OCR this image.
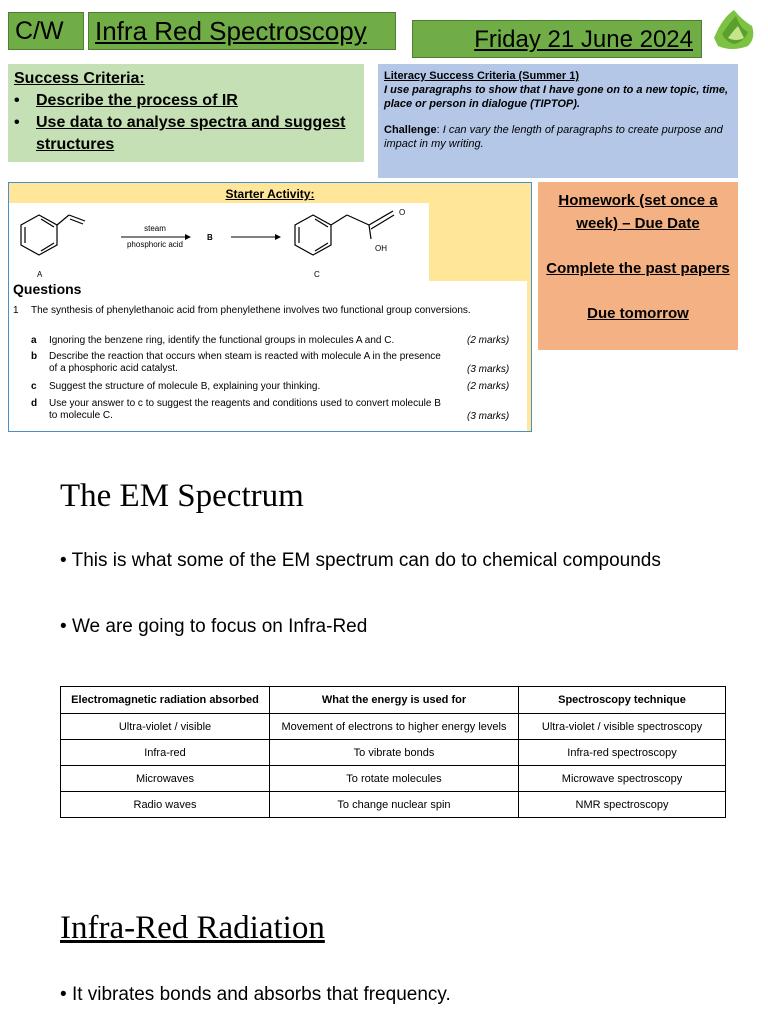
C/W	Infra Red Spectroscopy	Friday 21 June 2024
Success Criteria:
• Describe the process of IR
• Use data to analyse spectra and suggest structures
Literacy Success Criteria (Summer 1)
I use paragraphs to show that I have gone on to a new topic, time, place or person in dialogue (TIPTOP).
Challenge: I can vary the length of paragraphs to create purpose and impact in my writing.
Starter Activity:
A
steam
phosphoric acid
B
O
OH
C
Questions
1 The synthesis of phenylethanoic acid from phenylethene involves two functional group conversions.
a Ignoring the benzene ring, identify the functional groups in molecules A and C.	(2 marks)
b Describe the reaction that occurs when steam is reacted with molecule A in the presence of a phosphoric acid catalyst.	(3 marks)
c Suggest the structure of molecule B, explaining your thinking.	(2 marks)
d Use your answer to c to suggest the reagents and conditions used to convert molecule B to molecule C.	(3 marks)
Homework (set once a week) – Due Date
Complete the past papers
Due tomorrow
The EM Spectrum
• This is what some of the EM spectrum can do to chemical compounds
• We are going to focus on Infra-Red
Electromagnetic radiation absorbed	What the energy is used for	Spectroscopy technique
Ultra-violet / visible	Movement of electrons to higher energy levels	Ultra-violet / visible spectroscopy
Infra-red	To vibrate bonds	Infra-red spectroscopy
Microwaves	To rotate molecules	Microwave spectroscopy
Radio waves	To change nuclear spin	NMR spectroscopy
Infra-Red Radiation
• It vibrates bonds and absorbs that frequency.
